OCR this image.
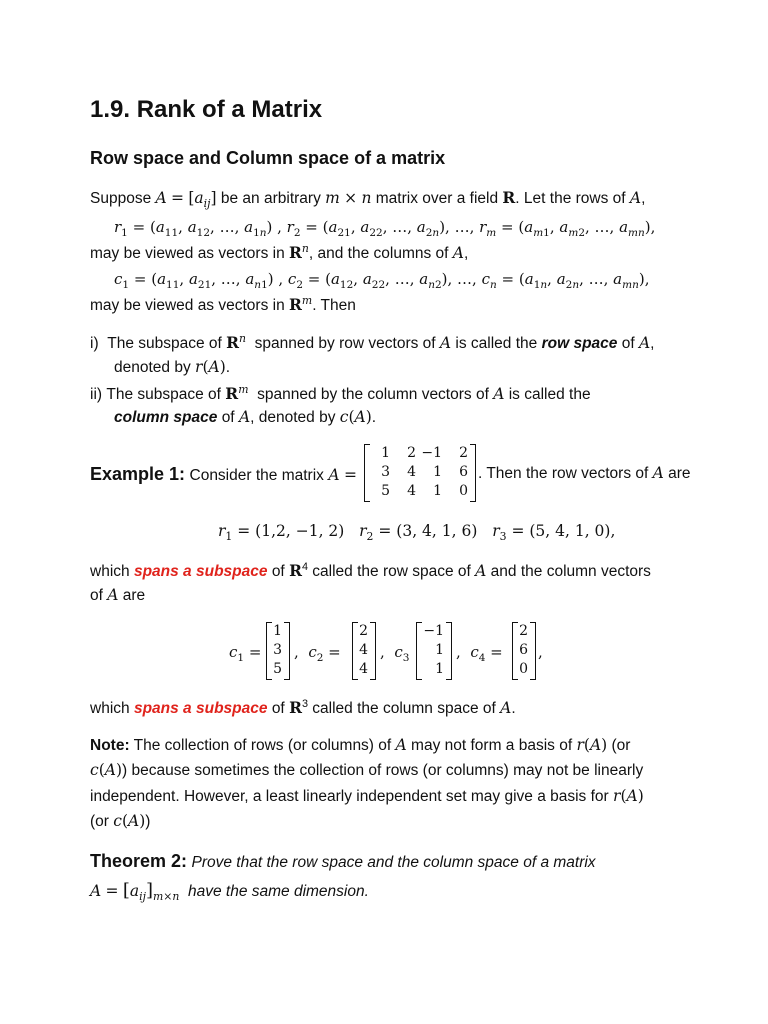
1.9. Rank of a Matrix
Row space and Column space of a matrix
Suppose $A = [a_{ij}]$ be an arbitrary m × n matrix over a field R. Let the rows of A,
$r_1 = (a_{11}$, $a_{12}$, …, $a_{1n}$) , $r_2 = (a_{21}$, $a_{22}$, …, $a_{2n}$), …, $r_m = (a_{m1}$, $a_{m2}$, …, $a_{mn}$),
may be viewed as vectors in $R^n$, and the columns of A,
$c_1 = (a_{11}$, $a_{21}$, …, $a_{n1}$) , $c_2 = (a_{12}$, $a_{22}$, …, $a_{n2}$), …, $c_n = (a_{1n}$, $a_{2n}$, …, $a_{mn}$),
may be viewed as vectors in $R^m$. Then
i) The subspace of $R^n$ spanned by row vectors of A is called the row space of A,
denoted by r(A).
ii) The subspace of $R^m$ spanned by the column vectors of A is called the
column space of A, denoted by c(A).
Example 1: Consider the matrix A =
1	2 −1	2
3	4	1	6
5	4	1	0
. Then the row vectors of A are
$r_1 = (1,2$, −1, 2) $r_2 = (3$, 4, 1, 6) $r_3 = (5$, 4, 1, 0),
which spans a subspace of $R^4$ called the row space of A and the column vectors
of A are
$c_1$ =
1
3
5
,  $c_2$ =
2
4
4
,  $c_3$
−1
1
1
,  $c_4$ =
2
6
0
,
which spans a subspace of $R^3$ called the column space of A.
Note: The collection of rows (or columns) of A may not form a basis of r(A) (or
c(A)) because sometimes the collection of rows (or columns) may not be linearly
independent. However, a least linearly independent set may give a basis for r(A)
(or c(A))
Theorem 2: Prove that the row space and the column space of a matrix
$A = [a_{ij}]_{m\times n}$ have the same dimension.
